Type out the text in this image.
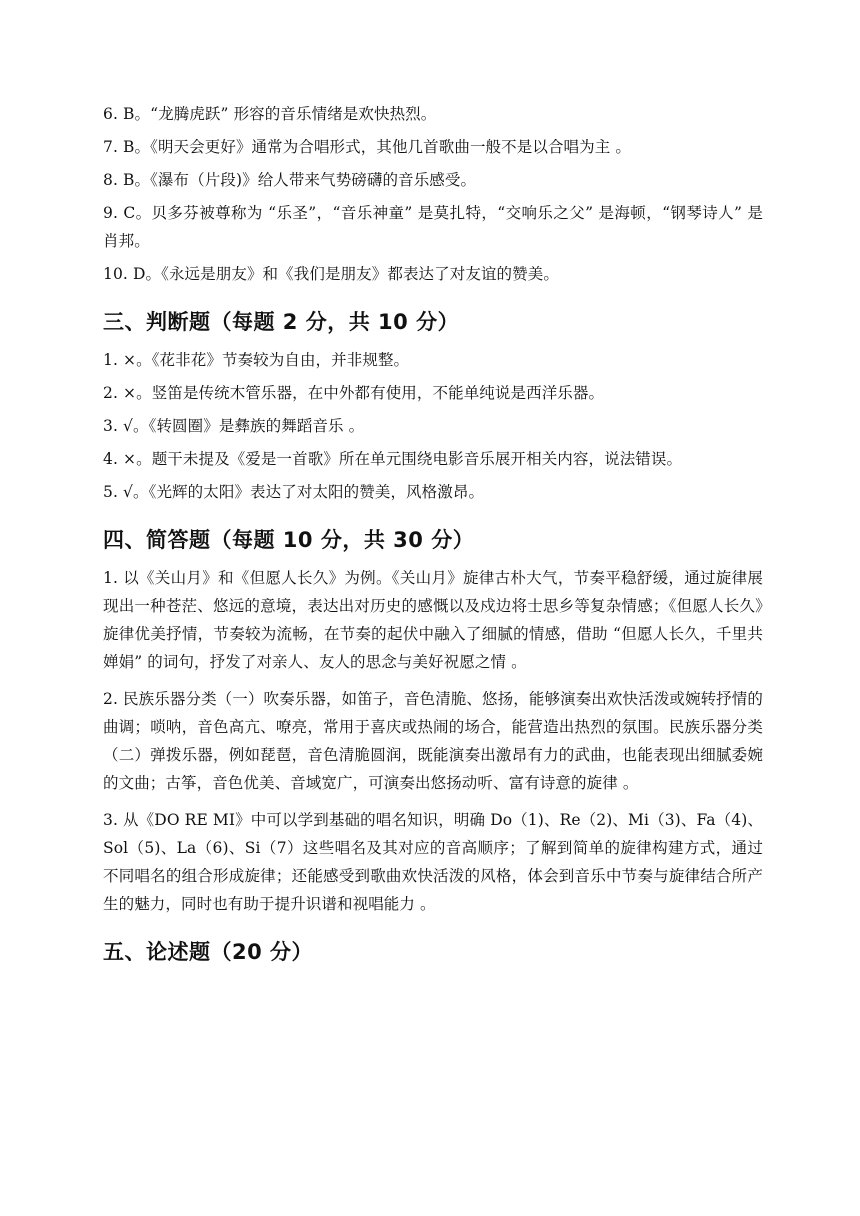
6. B。“龙腾虎跃” 形容的音乐情绪是欢快热烈。

7. B。《明天会更好》通常为合唱形式，其他几首歌曲一般不是以合唱为主 。

8. B。《瀑布（片段)》给人带来气势磅礴的音乐感受。

9. C。贝多芬被尊称为 “乐圣”，“音乐神童” 是莫扎特，“交响乐之父” 是海顿，“钢琴诗人” 是肖邦。

10. D。《永远是朋友》和《我们是朋友》都表达了对友谊的赞美。

三、判断题（每题 2 分，共 10 分）

1. ×。《花非花》节奏较为自由，并非规整。

2. ×。竖笛是传统木管乐器，在中外都有使用，不能单纯说是西洋乐器。

3. √。《转圆圈》是彝族的舞蹈音乐 。

4. ×。题干未提及《爱是一首歌》所在单元围绕电影音乐展开相关内容，说法错误。

5. √。《光辉的太阳》表达了对太阳的赞美，风格激昂。

四、简答题（每题 10 分，共 30 分）

1. 以《关山月》和《但愿人长久》为例。《关山月》旋律古朴大气，节奏平稳舒缓，通过旋律展现出一种苍茫、悠远的意境，表达出对历史的感慨以及戍边将士思乡等复杂情感；《但愿人长久》旋律优美抒情，节奏较为流畅，在节奏的起伏中融入了细腻的情感，借助 “但愿人长久，千里共婵娟” 的词句，抒发了对亲人、友人的思念与美好祝愿之情 。

2. 民族乐器分类（一）吹奏乐器，如笛子，音色清脆、悠扬，能够演奏出欢快活泼或婉转抒情的曲调；唢呐，音色高亢、嘹亮，常用于喜庆或热闹的场合，能营造出热烈的氛围。民族乐器分类（二）弹拨乐器，例如琵琶，音色清脆圆润，既能演奏出激昂有力的武曲，也能表现出细腻委婉的文曲；古筝，音色优美、音域宽广，可演奏出悠扬动听、富有诗意的旋律 。

3. 从《DO RE MI》中可以学到基础的唱名知识，明确 Do（1)、Re（2)、Mi（3)、Fa（4)、Sol（5)、La（6)、Si（7）这些唱名及其对应的音高顺序；了解到简单的旋律构建方式，通过不同唱名的组合形成旋律；还能感受到歌曲欢快活泼的风格，体会到音乐中节奏与旋律结合所产生的魅力，同时也有助于提升识谱和视唱能力 。

五、论述题（20 分）
